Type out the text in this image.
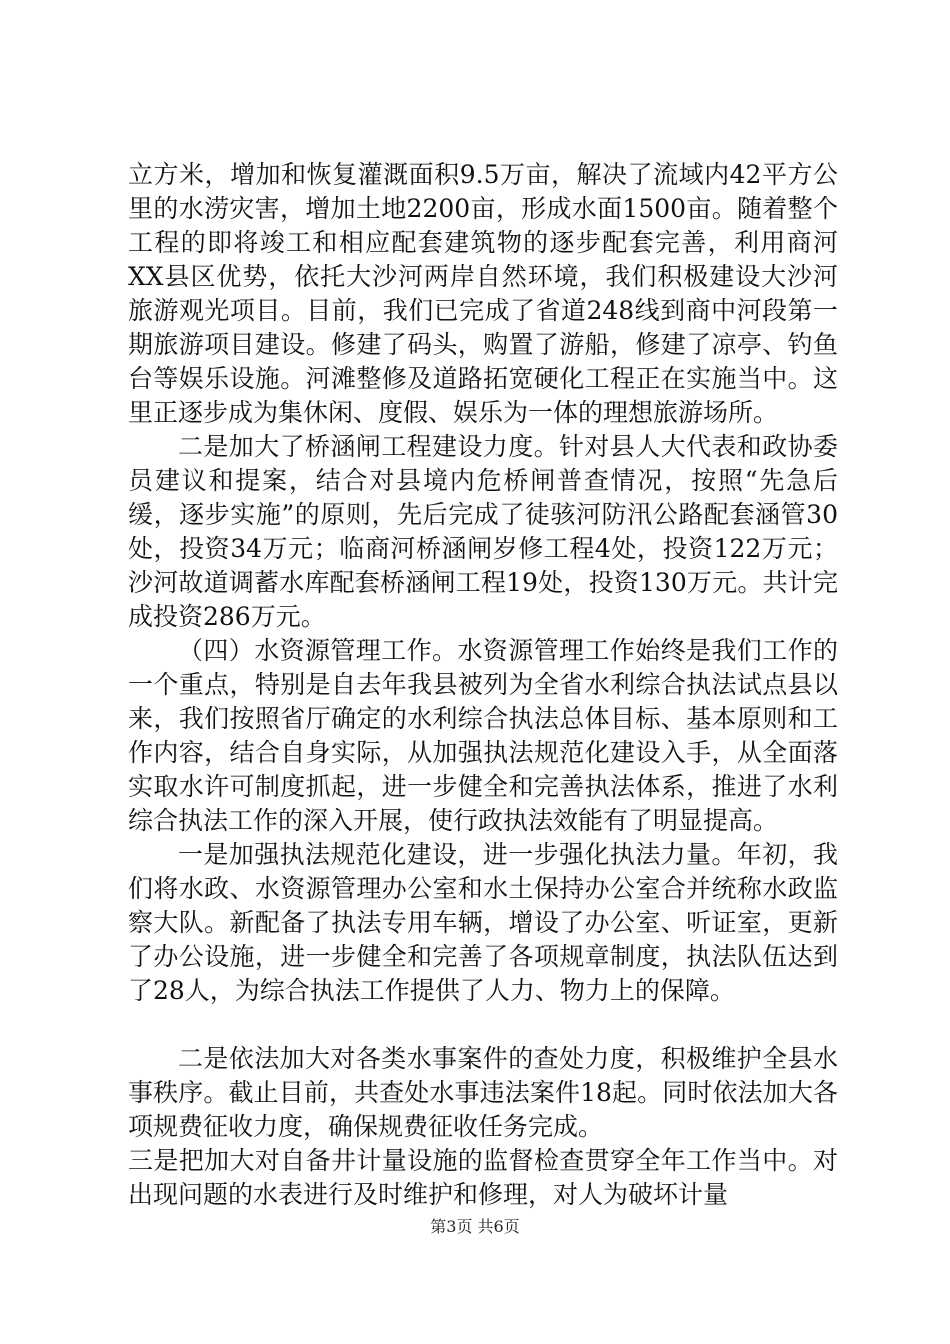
立方米，增加和恢复灌溉面积9.5万亩，解决了流域内42平方公里的水涝灾害，增加土地2200亩，形成水面1500亩。随着整个工程的即将竣工和相应配套建筑物的逐步配套完善，利用商河XX县区优势，依托大沙河两岸自然环境，我们积极建设大沙河旅游观光项目。目前，我们已完成了省道248线到商中河段第一期旅游项目建设。修建了码头，购置了游船，修建了凉亭、钓鱼台等娱乐设施。河滩整修及道路拓宽硬化工程正在实施当中。这里正逐步成为集休闲、度假、娱乐为一体的理想旅游场所。

二是加大了桥涵闸工程建设力度。针对县人大代表和政协委员建议和提案，结合对县境内危桥闸普查情况，按照“先急后缓，逐步实施”的原则，先后完成了徒骇河防汛公路配套涵管30处，投资34万元；临商河桥涵闸岁修工程4处，投资122万元；沙河故道调蓄水库配套桥涵闸工程19处，投资130万元。共计完成投资286万元。

（四）水资源管理工作。水资源管理工作始终是我们工作的一个重点，特别是自去年我县被列为全省水利综合执法试点县以来，我们按照省厅确定的水利综合执法总体目标、基本原则和工作内容，结合自身实际，从加强执法规范化建设入手，从全面落实取水许可制度抓起，进一步健全和完善执法体系，推进了水利综合执法工作的深入开展，使行政执法效能有了明显提高。

一是加强执法规范化建设，进一步强化执法力量。年初，我们将水政、水资源管理办公室和水土保持办公室合并统称水政监察大队。新配备了执法专用车辆，增设了办公室、听证室，更新了办公设施，进一步健全和完善了各项规章制度，执法队伍达到了28人，为综合执法工作提供了人力、物力上的保障。

二是依法加大对各类水事案件的查处力度，积极维护全县水事秩序。截止目前，共查处水事违法案件18起。同时依法加大各项规费征收力度，确保规费征收任务完成。

三是把加大对自备井计量设施的监督检查贯穿全年工作当中。对出现问题的水表进行及时维护和修理，对人为破坏计量

第3页 共6页
